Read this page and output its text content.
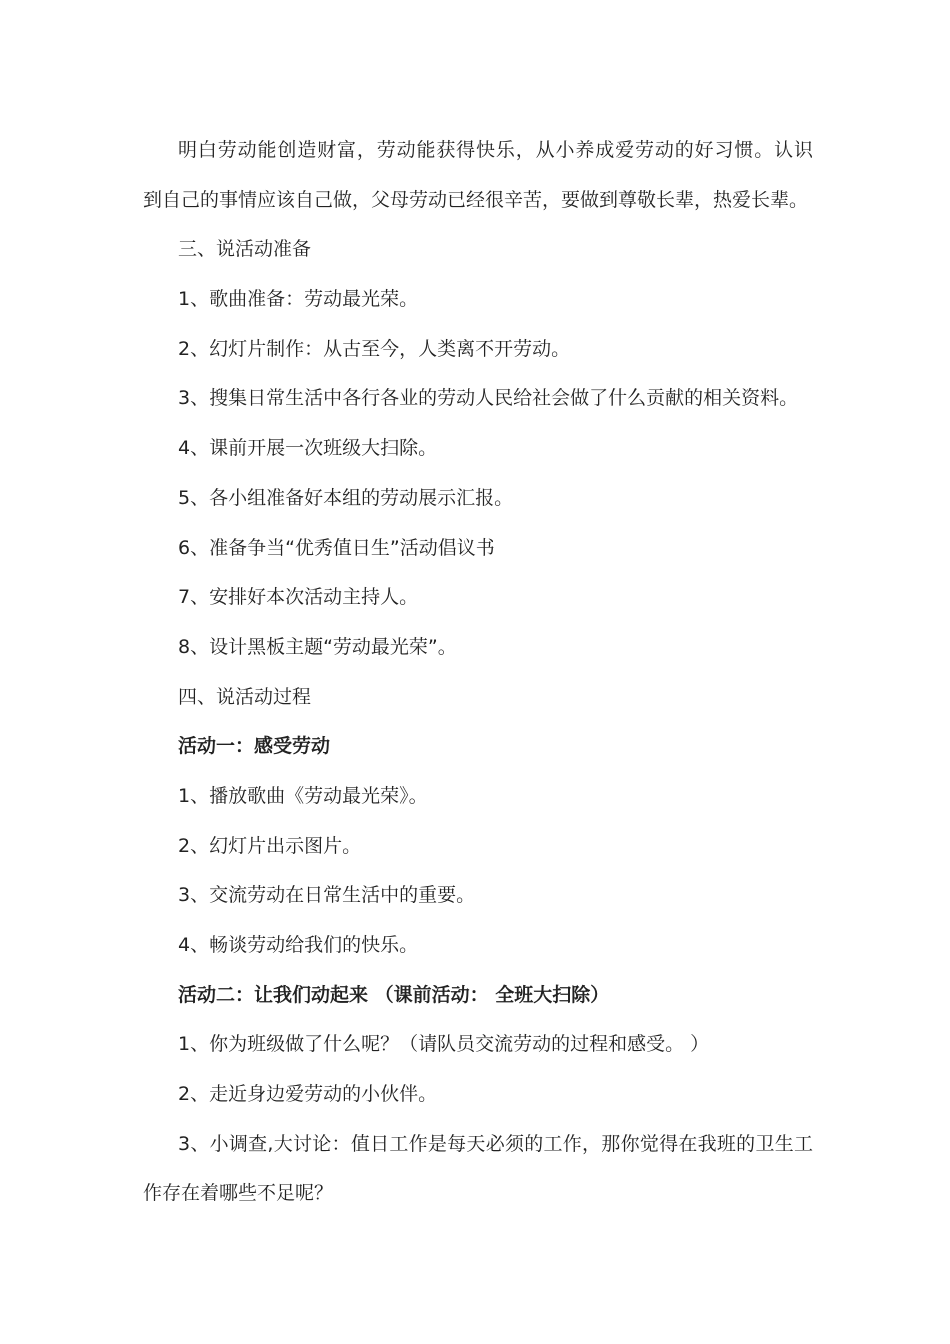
明白劳动能创造财富，劳动能获得快乐，从小养成爱劳动的好习惯。认识
到自己的事情应该自己做，父母劳动已经很辛苦，要做到尊敬长辈，热爱长辈。
三、说活动准备
1、歌曲准备：劳动最光荣。
2、幻灯片制作：从古至今，人类离不开劳动。
3、搜集日常生活中各行各业的劳动人民给社会做了什么贡献的相关资料。
4、课前开展一次班级大扫除。
5、各小组准备好本组的劳动展示汇报。
6、准备争当“优秀值日生”活动倡议书
7、安排好本次活动主持人。
8、设计黑板主题“劳动最光荣”。
四、说活动过程
活动一：感受劳动
1、播放歌曲《劳动最光荣》。
2、幻灯片出示图片。
3、交流劳动在日常生活中的重要。
4、畅谈劳动给我们的快乐。
活动二：让我们动起来 （课前活动： 全班大扫除）
1、你为班级做了什么呢？（请队员交流劳动的过程和感受。 ）
2、走近身边爱劳动的小伙伴。
3、小调查,大讨论：值日工作是每天必须的工作，那你觉得在我班的卫生工
作存在着哪些不足呢？
